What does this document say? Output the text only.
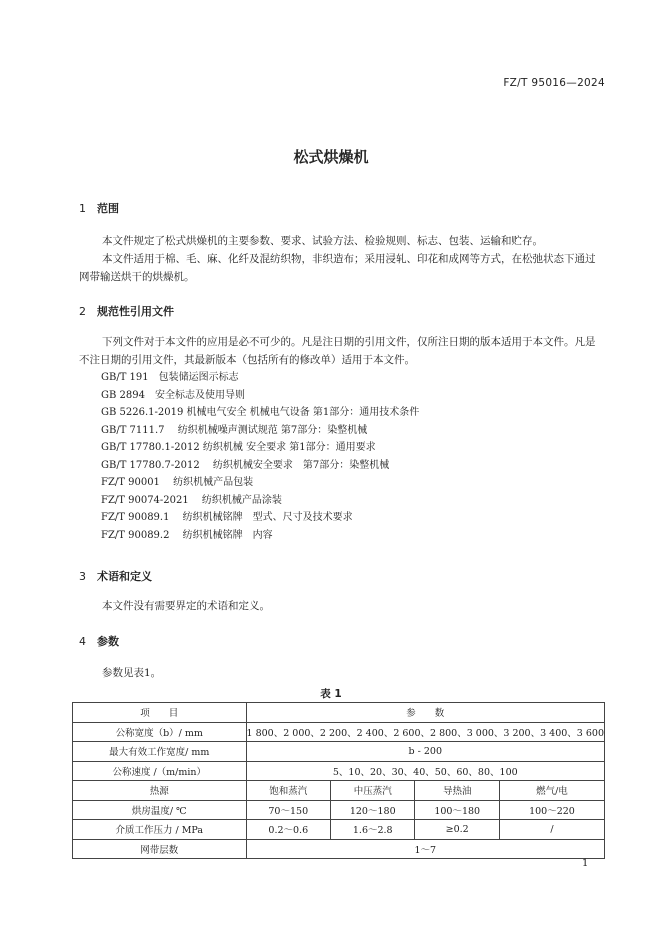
FZ/T 95016—2024
松式烘燥机
1 范围
本文件规定了松式烘燥机的主要参数、要求、试验方法、检验规则、标志、包装、运输和贮存。
本文件适用于棉、毛、麻、化纤及混纺织物，非织造布；采用浸轧、印花和成网等方式，在松弛状态下通过网带输送烘干的烘燥机。
2 规范性引用文件
下列文件对于本文件的应用是必不可少的。凡是注日期的引用文件，仅所注日期的版本适用于本文件。凡是不注日期的引用文件，其最新版本（包括所有的修改单）适用于本文件。
GB/T 191　包装储运图示标志
GB 2894　安全标志及使用导则
GB 5226.1-2019 机械电气安全 机械电气设备 第1部分：通用技术条件
GB/T 7111.7　 纺织机械噪声测试规范 第7部分：染整机械
GB/T 17780.1-2012 纺织机械 安全要求 第1部分：通用要求
GB/T 17780.7-2012　 纺织机械安全要求　第7部分：染整机械
FZ/T 90001　 纺织机械产品包装
FZ/T 90074-2021　 纺织机械产品涂装
FZ/T 90089.1　 纺织机械铭牌　型式、尺寸及技术要求
FZ/T 90089.2　 纺织机械铭牌　内容
3 术语和定义
本文件没有需要界定的术语和定义。
4 参数
参数见表1。
表 1
项　　目	参　　数			
公称宽度（b）/ mm	1 800、2 000、2 200、2 400、2 600、2 800、3 000、3 200、3 400、3 600			
最大有效工作宽度/ mm	b - 200			
公称速度 /（m/min）	5、10、20、30、40、50、60、80、100			
热源	饱和蒸汽	中压蒸汽	导热油	燃气/电
烘房温度/ ℃	70～150	120～180	100～180	100～220
介质工作压力 / MPa	0.2～0.6	1.6～2.8	≥0.2	/
网带层数	1～7			
1
